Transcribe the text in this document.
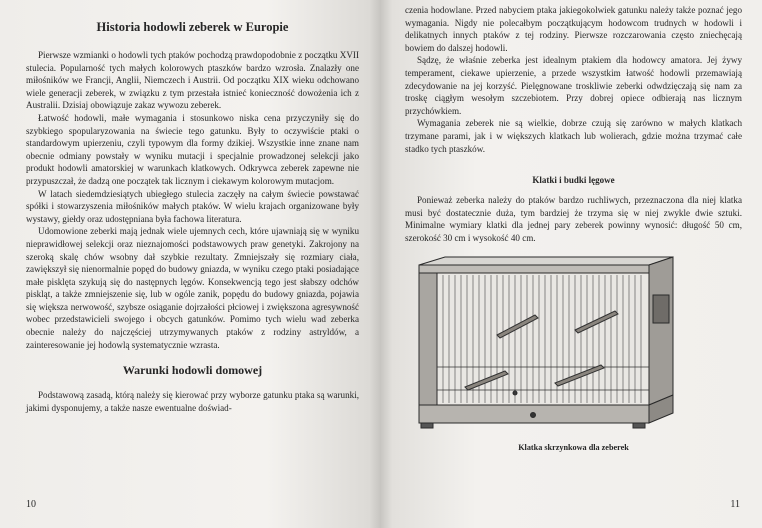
Historia hodowli zeberek w Europie

Pierwsze wzmianki o hodowli tych ptaków pochodzą prawdopodobnie z początku XVII stulecia. Popularność tych małych kolorowych ptaszków bardzo wzrosła. Znalazły one miłośników we Francji, Anglii, Niemczech i Austrii. Od początku XIX wieku odchowano wiele generacji zeberek, w związku z tym przestała istnieć konieczność dowożenia ich z Australii. Dzisiaj obowiązuje zakaz wywozu zeberek.

Łatwość hodowli, małe wymagania i stosunkowo niska cena przyczyniły się do szybkiego spopularyzowania na świecie tego gatunku. Były to oczywiście ptaki o standardowym upierzeniu, czyli typowym dla formy dzikiej. Wszystkie inne znane nam obecnie odmiany powstały w wyniku mutacji i specjalnie prowadzonej selekcji jako produkt hodowli amatorskiej w warunkach klatkowych. Odkrywca zeberek zapewne nie przypuszczał, że dadzą one początek tak licznym i ciekawym kolorowym mutacjom.

W latach siedemdziesiątych ubiegłego stulecia zaczęły na całym świecie powstawać spółki i stowarzyszenia miłośników małych ptaków. W wielu krajach organizowane były wystawy, giełdy oraz udostępniana była fachowa literatura.

Udomowione zeberki mają jednak wiele ujemnych cech, które ujawniają się w wyniku nieprawidłowej selekcji oraz nieznajomości podstawowych praw genetyki. Zakrojony na szeroką skalę chów wsobny dał szybkie rezultaty. Zmniejszały się rozmiary ciała, zawiększył się nienormalnie popęd do budowy gniazda, w wyniku czego ptaki posiadające małe pisklęta szykują się do następnych lęgów. Konsekwencją tego jest słabszy odchów piskląt, a także zmniejszenie się, lub w ogóle zanik, popędu do budowy gniazda, pojawia się większa nerwowość, szybsze osiąganie dojrzałości płciowej i zwiększona agresywność wobec przedstawicieli swojego i obcych gatunków. Pomimo tych wielu wad zeberka obecnie należy do najczęściej utrzymywanych ptaków z rodziny astryldów, a zainteresowanie jej hodowlą systematycznie wzrasta.

Warunki hodowli domowej

Podstawową zasadą, którą należy się kierować przy wyborze gatunku ptaka są warunki, jakimi dysponujemy, a także nasze ewentualne doświad-

10

czenia hodowlane. Przed nabyciem ptaka jakiegokolwiek gatunku należy także poznać jego wymagania. Nigdy nie polecałbym początkującym hodowcom trudnych w hodowli i delikatnych innych ptaków z tej rodziny. Pierwsze rozczarowania często zniechęcają bowiem do dalszej hodowli.

Sądzę, że właśnie zeberka jest idealnym ptakiem dla hodowcy amatora. Jej żywy temperament, ciekawe upierzenie, a przede wszystkim łatwość hodowli przemawiają zdecydowanie na jej korzyść. Pielęgnowane troskliwie zeberki odwdzięczają się nam za troskę ciągłym wesołym szczebiotem. Przy dobrej opiece odbierają nas licznym przychówkiem.

Wymagania zeberek nie są wielkie, dobrze czują się zarówno w małych klatkach trzymane parami, jak i w większych klatkach lub wolierach, gdzie można trzymać całe stadko tych ptaszków.

Klatki i budki lęgowe

Ponieważ zeberka należy do ptaków bardzo ruchliwych, przeznaczona dla niej klatka musi być dostatecznie duża, tym bardziej że trzyma się w niej zwykle dwie sztuki. Minimalne wymiary klatki dla jednej pary zeberek powinny wynosić: długość 50 cm, szerokość 30 cm i wysokość 40 cm.

Klatka skrzynkowa dla zeberek
11
